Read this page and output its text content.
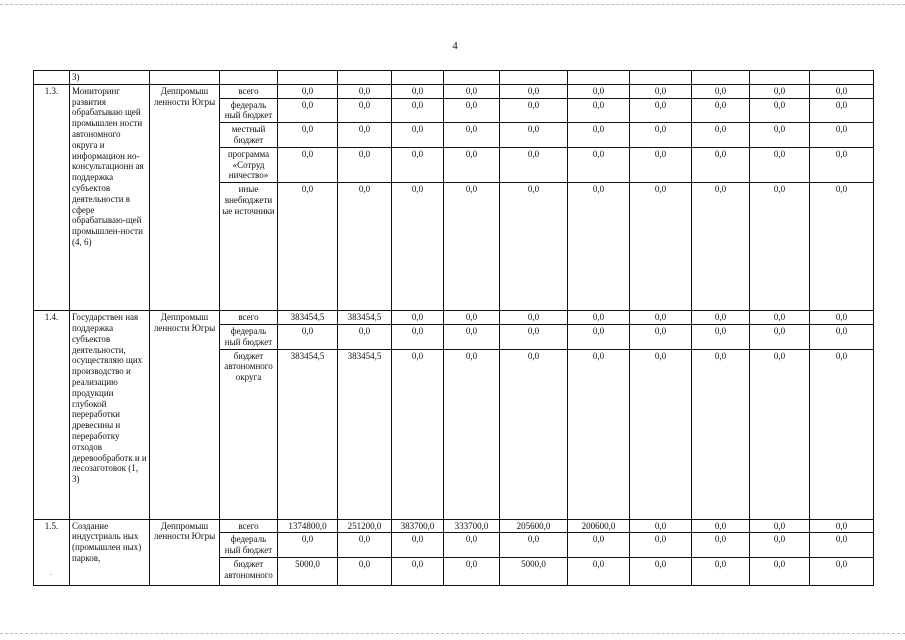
4
.
	3)												
1.3.	Мониторинг развития обрабатываю щей промышлен ности автономного округа и информацион но-консультационн ая поддержка субъектов деятельности в сфере обрабатываю-щей промышлен-ности (4, 6)	Деппромыш ленности Югры	всего	0,0	0,0	0,0	0,0	0,0	0,0	0,0	0,0	0,0	0,0
			федераль ный бюджет	0,0	0,0	0,0	0,0	0,0	0,0	0,0	0,0	0,0	0,0
			местный бюджет	0,0	0,0	0,0	0,0	0,0	0,0	0,0	0,0	0,0	0,0
			программа «Сотруд ничество»	0,0	0,0	0,0	0,0	0,0	0,0	0,0	0,0	0,0	0,0
			иные внебюджети ые источники	0,0	0,0	0,0	0,0	0,0	0,0	0,0	0,0	0,0	0,0
1.4.	Государствен ная поддержка субъектов деятельности, осуществляю щих производство и реализацию продукции глубокой переработки древесины и переработку отходов деревообработк и и лесозаготовок (1, 3)	Деппромыш ленности Югры	всего	383454,5	383454,5	0,0	0,0	0,0	0,0	0,0	0,0	0,0	0,0
			федераль ный бюджет	0,0	0,0	0,0	0,0	0,0	0,0	0,0	0,0	0,0	0,0
			бюджет автономного округа	383454,5	383454,5	0,0	0,0	0,0	0,0	0,0	0,0	0,0	0,0
1.5.	Создание индустриаль ных (промышлен ных) парков,	Деппромыш ленности Югры	всего	1374800,0	251200,0	383700,0	333700,0	205600,0	200600,0	0,0	0,0	0,0	0,0
			федераль ный бюджет	0,0	0,0	0,0	0,0	0,0	0,0	0,0	0,0	0,0	0,0
			бюджет автономного	5000,0	0,0	0,0	0,0	5000,0	0,0	0,0	0,0	0,0	0,0
